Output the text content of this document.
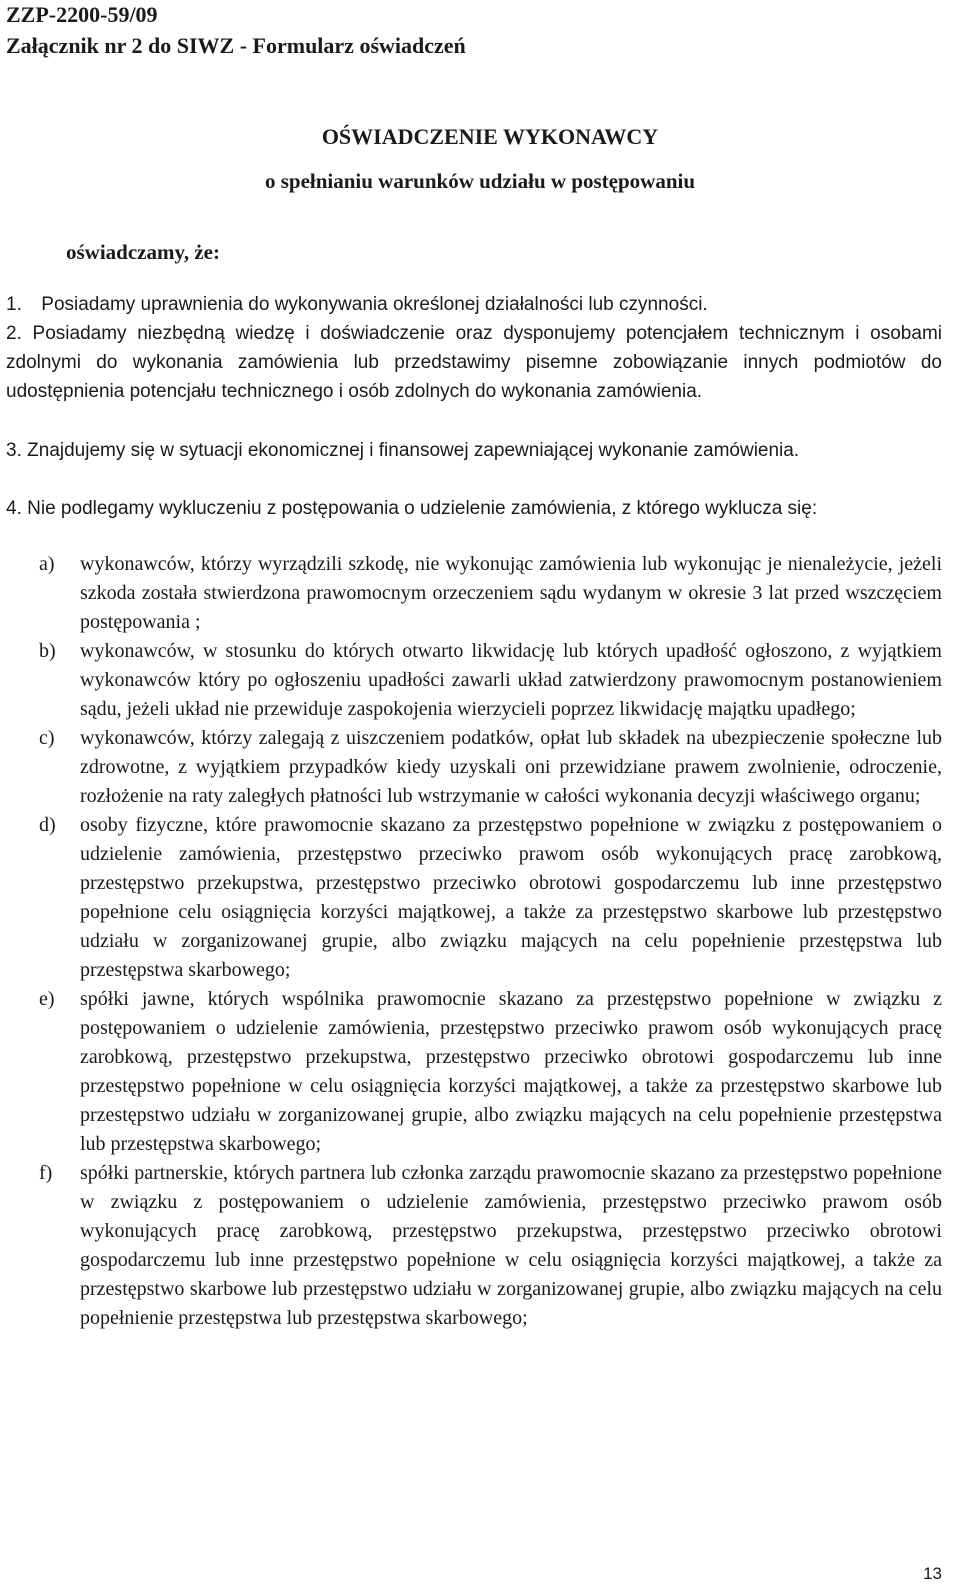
ZZP-2200-59/09
Załącznik nr 2 do SIWZ - Formularz oświadczeń
OŚWIADCZENIE WYKONAWCY
o spełnianiu warunków udziału w postępowaniu
oświadczamy, że:
1. Posiadamy uprawnienia do wykonywania określonej działalności lub czynności.
2. Posiadamy niezbędną wiedzę i doświadczenie oraz dysponujemy potencjałem technicznym i osobami zdolnymi do wykonania zamówienia lub przedstawimy pisemne zobowiązanie innych podmiotów do udostępnienia potencjału technicznego i osób zdolnych do wykonania zamówienia.
3. Znajdujemy się w sytuacji ekonomicznej i finansowej zapewniającej wykonanie zamówienia.
4. Nie podlegamy wykluczeniu z postępowania o udzielenie zamówienia, z którego wyklucza się:
a) wykonawców, którzy wyrządzili szkodę, nie wykonując zamówienia lub wykonując je nienależycie, jeżeli szkoda została stwierdzona prawomocnym orzeczeniem sądu wydanym w okresie 3 lat przed wszczęciem postępowania ;
b) wykonawców, w stosunku do których otwarto likwidację lub których upadłość ogłoszono, z wyjątkiem wykonawców który po ogłoszeniu upadłości zawarli układ zatwierdzony prawomocnym postanowieniem sądu, jeżeli układ nie przewiduje zaspokojenia wierzycieli poprzez likwidację majątku upadłego;
c) wykonawców, którzy zalegają z uiszczeniem podatków, opłat lub składek na ubezpieczenie społeczne lub zdrowotne, z wyjątkiem przypadków kiedy uzyskali oni przewidziane prawem zwolnienie, odroczenie, rozłożenie na raty zaległych płatności lub wstrzymanie w całości wykonania decyzji właściwego organu;
d) osoby fizyczne, które prawomocnie skazano za przestępstwo popełnione w związku z postępowaniem o udzielenie zamówienia, przestępstwo przeciwko prawom osób wykonujących pracę zarobkową, przestępstwo przekupstwa, przestępstwo przeciwko obrotowi gospodarczemu lub inne przestępstwo popełnione celu osiągnięcia korzyści majątkowej, a także za przestępstwo skarbowe lub przestępstwo udziału w zorganizowanej grupie, albo związku mających na celu popełnienie przestępstwa lub przestępstwa skarbowego;
e) spółki jawne, których wspólnika prawomocnie skazano za przestępstwo popełnione w związku z postępowaniem o udzielenie zamówienia, przestępstwo przeciwko prawom osób wykonujących pracę zarobkową, przestępstwo przekupstwa, przestępstwo przeciwko obrotowi gospodarczemu lub inne przestępstwo popełnione w celu osiągnięcia korzyści majątkowej, a także za przestępstwo skarbowe lub przestępstwo udziału w zorganizowanej grupie, albo związku mających na celu popełnienie przestępstwa lub przestępstwa skarbowego;
f) spółki partnerskie, których partnera lub członka zarządu prawomocnie skazano za przestępstwo popełnione w związku z postępowaniem o udzielenie zamówienia, przestępstwo przeciwko prawom osób wykonujących pracę zarobkową, przestępstwo przekupstwa, przestępstwo przeciwko obrotowi gospodarczemu lub inne przestępstwo popełnione w celu osiągnięcia korzyści majątkowej, a także za przestępstwo skarbowe lub przestępstwo udziału w zorganizowanej grupie, albo związku mających na celu popełnienie przestępstwa lub przestępstwa skarbowego;
13
